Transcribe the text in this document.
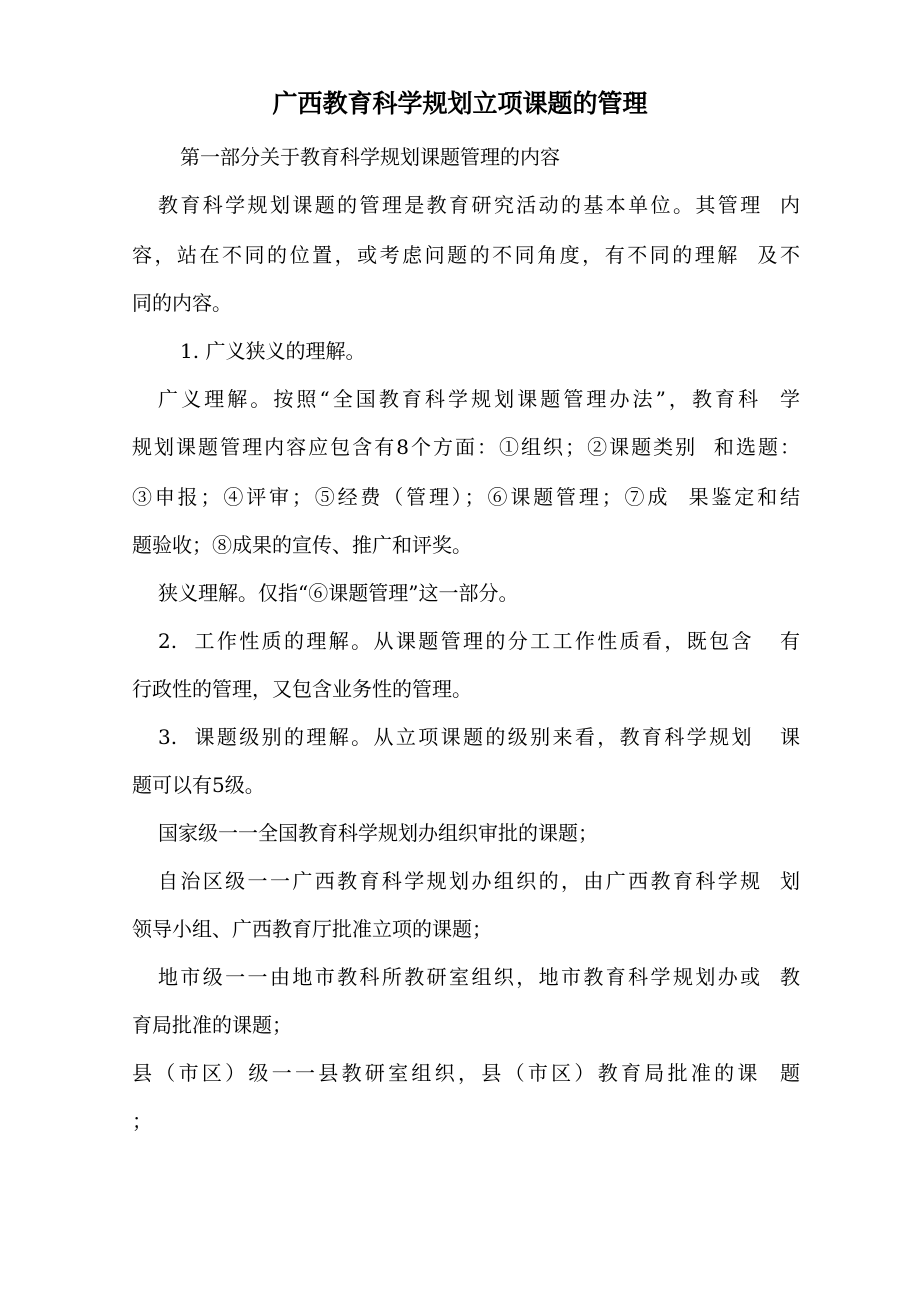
广西教育科学规划立项课题的管理
第一部分关于教育科学规划课题管理的内容
教育科学规划课题的管理是教育研究活动的基本单位。其管理  内
容，站在不同的位置，或考虑问题的不同角度，有不同的理解  及不
同的内容。
1. 广义狭义的理解。
广义理解。按照“全国教育科学规划课题管理办法”，教育科  学
规划课题管理内容应包含有8个方面：①组织；②课题类别  和选题：
③申报；④评审；⑤经费（管理）；⑥课题管理；⑦成  果鉴定和结
题验收；⑧成果的宣传、推广和评奖。
狭义理解。仅指“⑥课题管理”这一部分。
2.  工作性质的理解。从课题管理的分工工作性质看，既包含   有
行政性的管理，又包含业务性的管理。
3.  课题级别的理解。从立项课题的级别来看，教育科学规划   课
题可以有5级。
国家级一一全国教育科学规划办组织审批的课题；
自治区级一一广西教育科学规划办组织的，由广西教育科学规  划
领导小组、广西教育厅批准立项的课题；
地市级一一由地市教科所教研室组织，地市教育科学规划办或  教
育局批准的课题；
县（市区）级一一县教研室组织，县（市区）教育局批准的课  题
；
